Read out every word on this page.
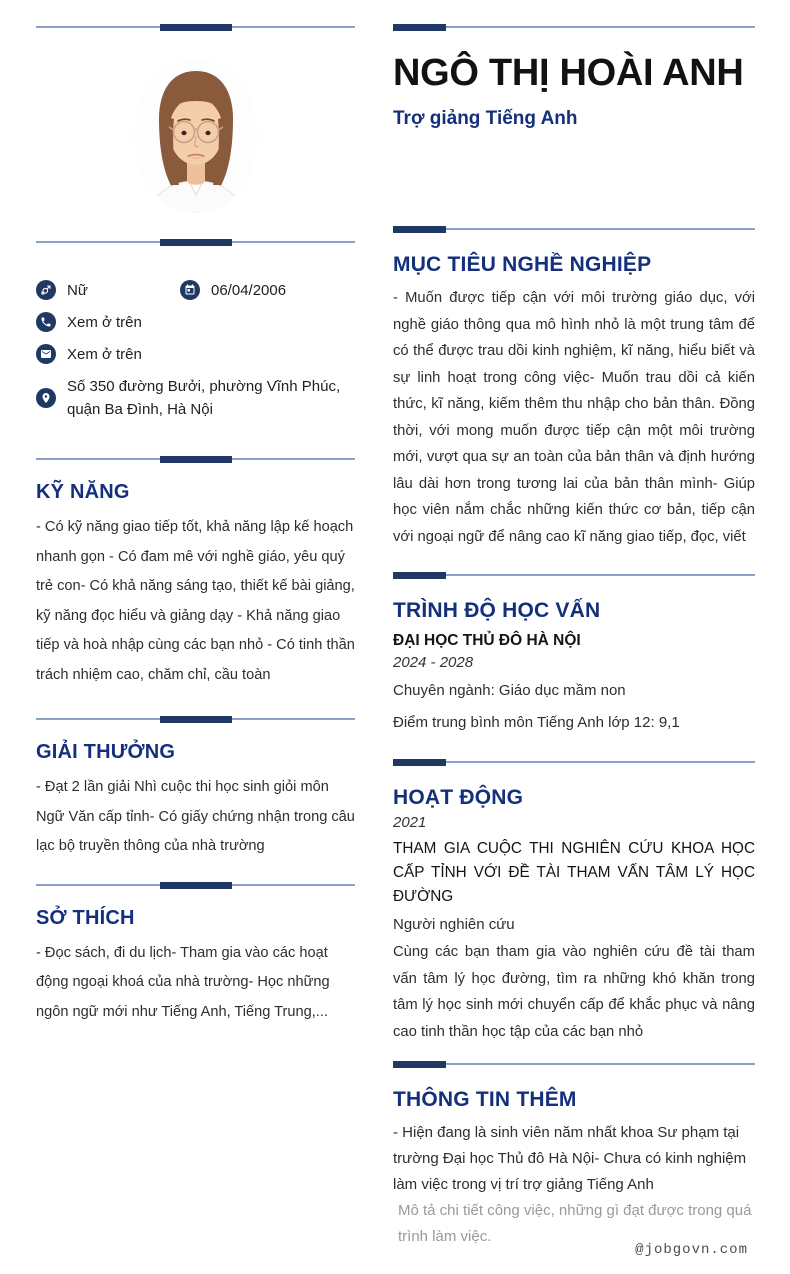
Nữ	06/04/2006
Xem ở trên
Xem ở trên
Số 350 đường Bưởi, phường Vĩnh Phúc, quận Ba Đình, Hà Nội
KỸ NĂNG

- Có kỹ năng giao tiếp tốt, khả năng lập kế hoạch nhanh gọn - Có đam mê với nghề giáo, yêu quý trẻ con- Có khả năng sáng tạo, thiết kế bài giảng, kỹ năng đọc hiểu và giảng dạy - Khả năng giao tiếp và hoà nhập cùng các bạn nhỏ - Có tinh thần trách nhiệm cao, chăm chỉ, cầu toàn

GIẢI THƯỞNG

- Đạt 2 lần giải Nhì cuộc thi học sinh giỏi môn Ngữ Văn cấp tỉnh- Có giấy chứng nhận trong câu lạc bộ truyền thông của nhà trường

SỞ THÍCH

- Đọc sách, đi du lịch- Tham gia vào các hoạt động ngoại khoá của nhà trường- Học những ngôn ngữ mới như Tiếng Anh, Tiếng Trung,...

NGÔ THỊ HOÀI ANH
Trợ giảng Tiếng Anh
MỤC TIÊU NGHỀ NGHIỆP

- Muốn được tiếp cận với môi trường giáo dục, với nghề giáo thông qua mô hình nhỏ là một trung tâm để có thể được trau dồi kinh nghiệm, kĩ năng, hiểu biết và sự linh hoạt trong công việc- Muốn trau dồi cả kiến thức, kĩ năng, kiếm thêm thu nhập cho bản thân. Đồng thời, với mong muốn được tiếp cận một môi trường mới, vượt qua sự an toàn của bản thân và định hướng lâu dài hơn trong tương lai của bản thân mình- Giúp học viên nắm chắc những kiến thức cơ bản, tiếp cận với ngoại ngữ để nâng cao kĩ năng giao tiếp, đọc, viết

TRÌNH ĐỘ HỌC VẤN
ĐẠI HỌC THỦ ĐÔ HÀ NỘI
2024 - 2028
Chuyên ngành: Giáo dục mầm non
Điểm trung bình môn Tiếng Anh lớp 12: 9,1
HOẠT ĐỘNG
2021
THAM GIA CUỘC THI NGHIÊN CỨU KHOA HỌC CẤP TỈNH VỚI ĐỀ TÀI THAM VẤN TÂM LÝ HỌC ĐƯỜNG
Người nghiên cứu

Cùng các bạn tham gia vào nghiên cứu đề tài tham vấn tâm lý học đường, tìm ra những khó khăn trong tâm lý học sinh mới chuyển cấp để khắc phục và nâng cao tinh thần học tập của các bạn nhỏ

THÔNG TIN THÊM

- Hiện đang là sinh viên năm nhất khoa Sư phạm tại trường Đại học Thủ đô Hà Nội- Chưa có kinh nghiệm làm việc trong vị trí trợ giảng Tiếng Anh

Mô tả chi tiết công việc, những gì đạt được trong quá trình làm việc.

@jobgovn.com
